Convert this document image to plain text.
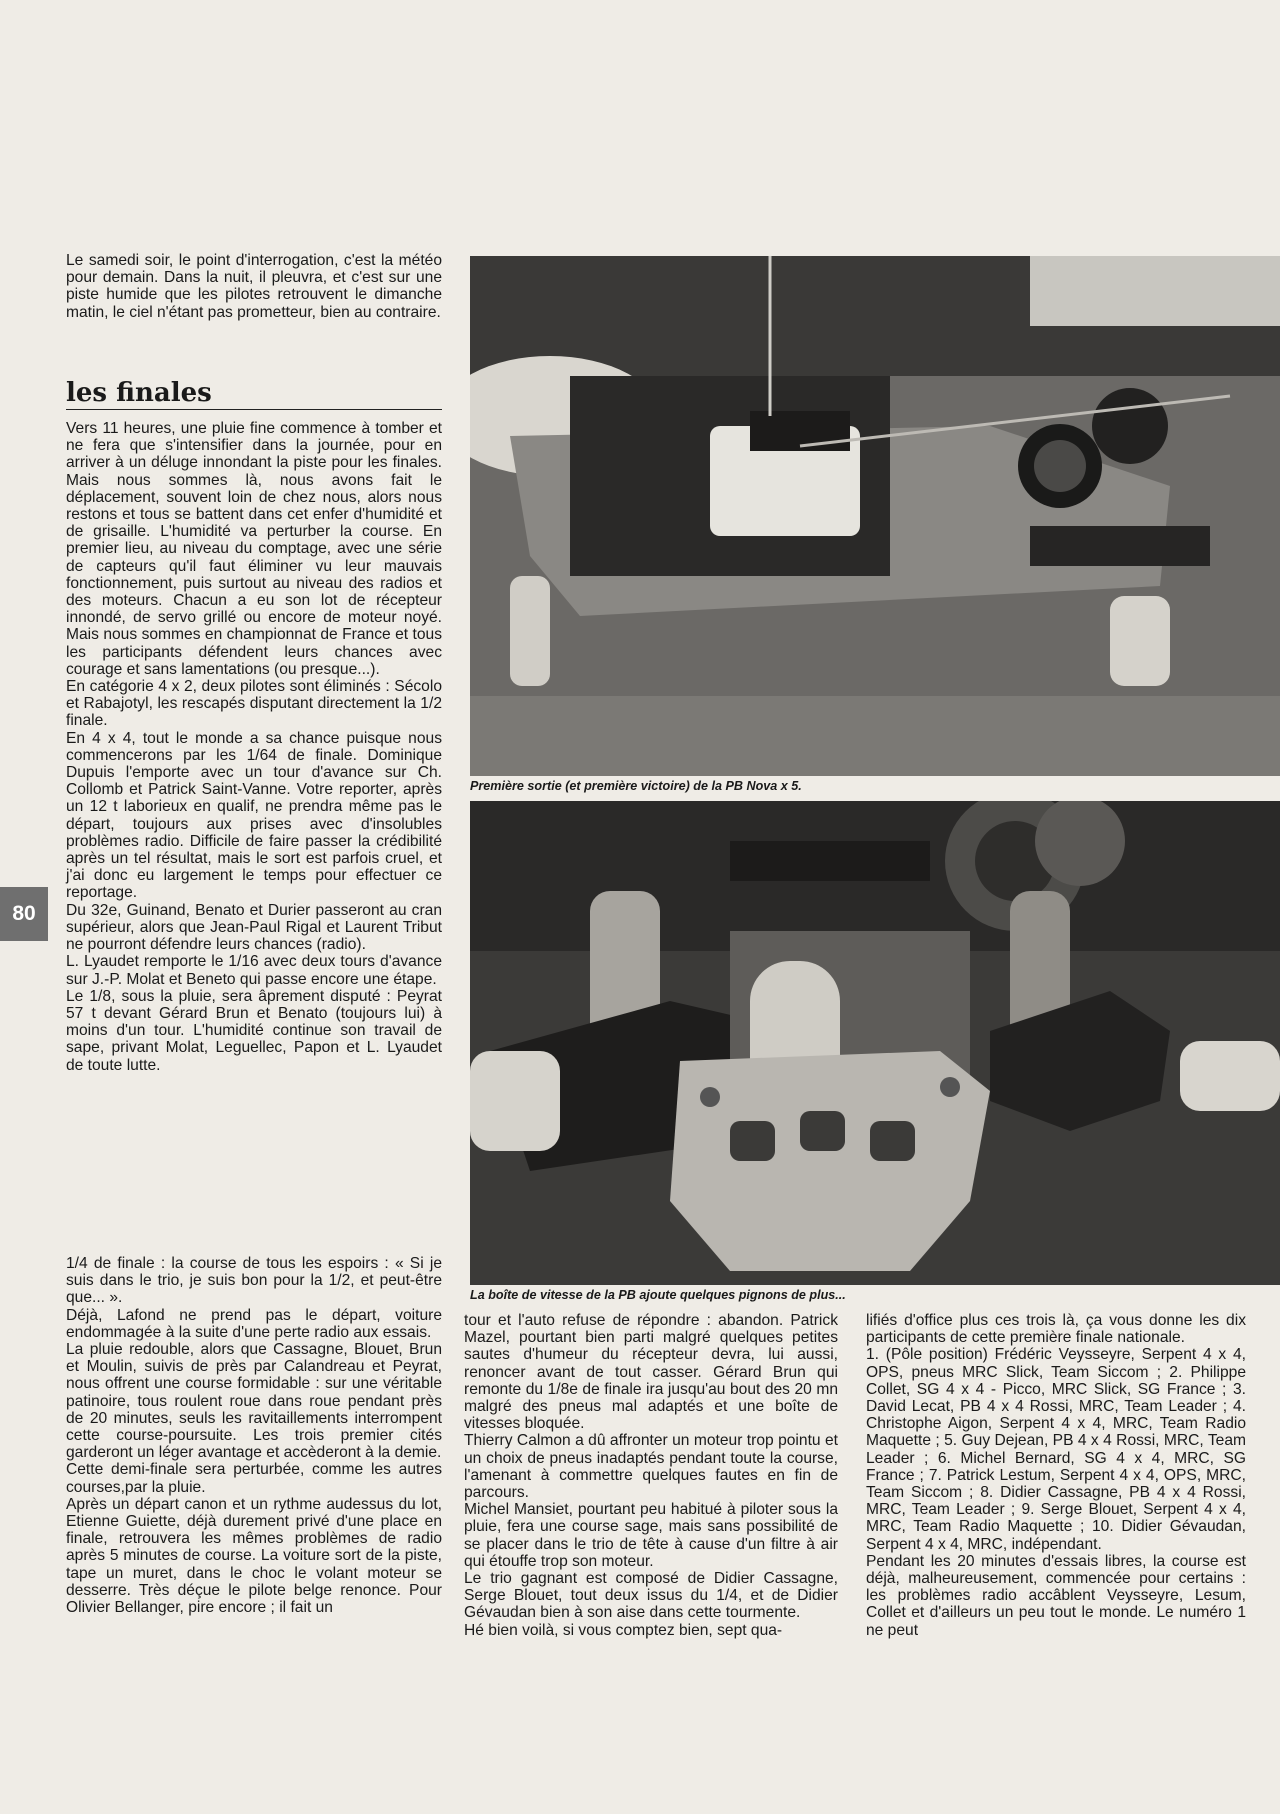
Le samedi soir, le point d'interrogation, c'est la météo pour demain. Dans la nuit, il pleuvra, et c'est sur une piste humide que les pilotes retrouvent le dimanche matin, le ciel n'étant pas prometteur, bien au contraire.

les finales

Vers 11 heures, une pluie fine commence à tomber et ne fera que s'intensifier dans la journée, pour en arriver à un déluge innondant la piste pour les finales. Mais nous sommes là, nous avons fait le déplacement, souvent loin de chez nous, alors nous restons et tous se battent dans cet enfer d'humidité et de grisaille. L'humidité va perturber la course. En premier lieu, au niveau du comptage, avec une série de capteurs qu'il faut éliminer vu leur mauvais fonctionnement, puis surtout au niveau des radios et des moteurs. Chacun a eu son lot de récepteur innondé, de servo grillé ou encore de moteur noyé. Mais nous sommes en championnat de France et tous les participants défendent leurs chances avec courage et sans lamentations (ou presque...).

En catégorie 4 x 2, deux pilotes sont éliminés : Sécolo et Rabajotyl, les rescapés disputant directement la 1/2 finale.

En 4 x 4, tout le monde a sa chance puisque nous commencerons par les 1/64 de finale. Dominique Dupuis l'emporte avec un tour d'avance sur Ch. Collomb et Patrick Saint-Vanne. Votre reporter, après un 12 t laborieux en qualif, ne prendra même pas le départ, toujours aux prises avec d'insolubles problèmes radio. Difficile de faire passer la crédibilité après un tel résultat, mais le sort est parfois cruel, et j'ai donc eu largement le temps pour effectuer ce reportage.

Du 32e, Guinand, Benato et Durier passeront au cran supérieur, alors que Jean-Paul Rigal et Laurent Tribut ne pourront défendre leurs chances (radio).

L. Lyaudet remporte le 1/16 avec deux tours d'avance sur J.-P. Molat et Beneto qui passe encore une étape.

Le 1/8, sous la pluie, sera âprement disputé : Peyrat 57 t devant Gérard Brun et Benato (toujours lui) à moins d'un tour. L'humidité continue son travail de sape, privant Molat, Leguellec, Papon et L. Lyaudet de toute lutte.

1/4 de finale : la course de tous les espoirs : « Si je suis dans le trio, je suis bon pour la 1/2, et peut-être que... ».

Déjà, Lafond ne prend pas le départ, voiture endommagée à la suite d'une perte radio aux essais.

La pluie redouble, alors que Cassagne, Blouet, Brun et Moulin, suivis de près par Calandreau et Peyrat, nous offrent une course formidable : sur une véritable patinoire, tous roulent roue dans roue pendant près de 20 minutes, seuls les ravitaillements interrompent cette course-poursuite. Les trois premier cités garderont un léger avantage et accèderont à la demie.

Cette demi-finale sera perturbée, comme les autres courses,par la pluie.

Après un départ canon et un rythme audessus du lot, Etienne Guiette, déjà durement privé d'une place en finale, retrouvera les mêmes problèmes de radio après 5 minutes de course. La voiture sort de la piste, tape un muret, dans le choc le volant moteur se desserre. Très déçue le pilote belge renonce. Pour Olivier Bellanger, pire encore ; il fait un

80
Première sortie (et première victoire) de la PB Nova x 5.
La boîte de vitesse de la PB ajoute quelques pignons de plus...

tour et l'auto refuse de répondre : abandon. Patrick Mazel, pourtant bien parti malgré quelques petites sautes d'humeur du récepteur devra, lui aussi, renoncer avant de tout casser. Gérard Brun qui remonte du 1/8e de finale ira jusqu'au bout des 20 mn malgré des pneus mal adaptés et une boîte de vitesses bloquée.

Thierry Calmon a dû affronter un moteur trop pointu et un choix de pneus inadaptés pendant toute la course, l'amenant à commettre quelques fautes en fin de parcours.

Michel Mansiet, pourtant peu habitué à piloter sous la pluie, fera une course sage, mais sans possibilité de se placer dans le trio de tête à cause d'un filtre à air qui étouffe trop son moteur.

Le trio gagnant est composé de Didier Cassagne, Serge Blouet, tout deux issus du 1/4, et de Didier Gévaudan bien à son aise dans cette tourmente.

Hé bien voilà, si vous comptez bien, sept qua-

lifiés d'office plus ces trois là, ça vous donne les dix participants de cette première finale nationale.

1. (Pôle position) Frédéric Veysseyre, Serpent 4 x 4, OPS, pneus MRC Slick, Team Siccom ; 2. Philippe Collet, SG 4 x 4 - Picco, MRC Slick, SG France ; 3. David Lecat, PB 4 x 4 Rossi, MRC, Team Leader ; 4. Christophe Aigon, Serpent 4 x 4, MRC, Team Radio Maquette ; 5. Guy Dejean, PB 4 x 4 Rossi, MRC, Team Leader ; 6. Michel Bernard, SG 4 x 4, MRC, SG France ; 7. Patrick Lestum, Serpent 4 x 4, OPS, MRC, Team Siccom ; 8. Didier Cassagne, PB 4 x 4 Rossi, MRC, Team Leader ; 9. Serge Blouet, Serpent 4 x 4, MRC, Team Radio Maquette ; 10. Didier Gévaudan, Serpent 4 x 4, MRC, indépendant.

Pendant les 20 minutes d'essais libres, la course est déjà, malheureusement, commencée pour certains : les problèmes radio accâblent Veysseyre, Lesum, Collet et d'ailleurs un peu tout le monde. Le numéro 1 ne peut
